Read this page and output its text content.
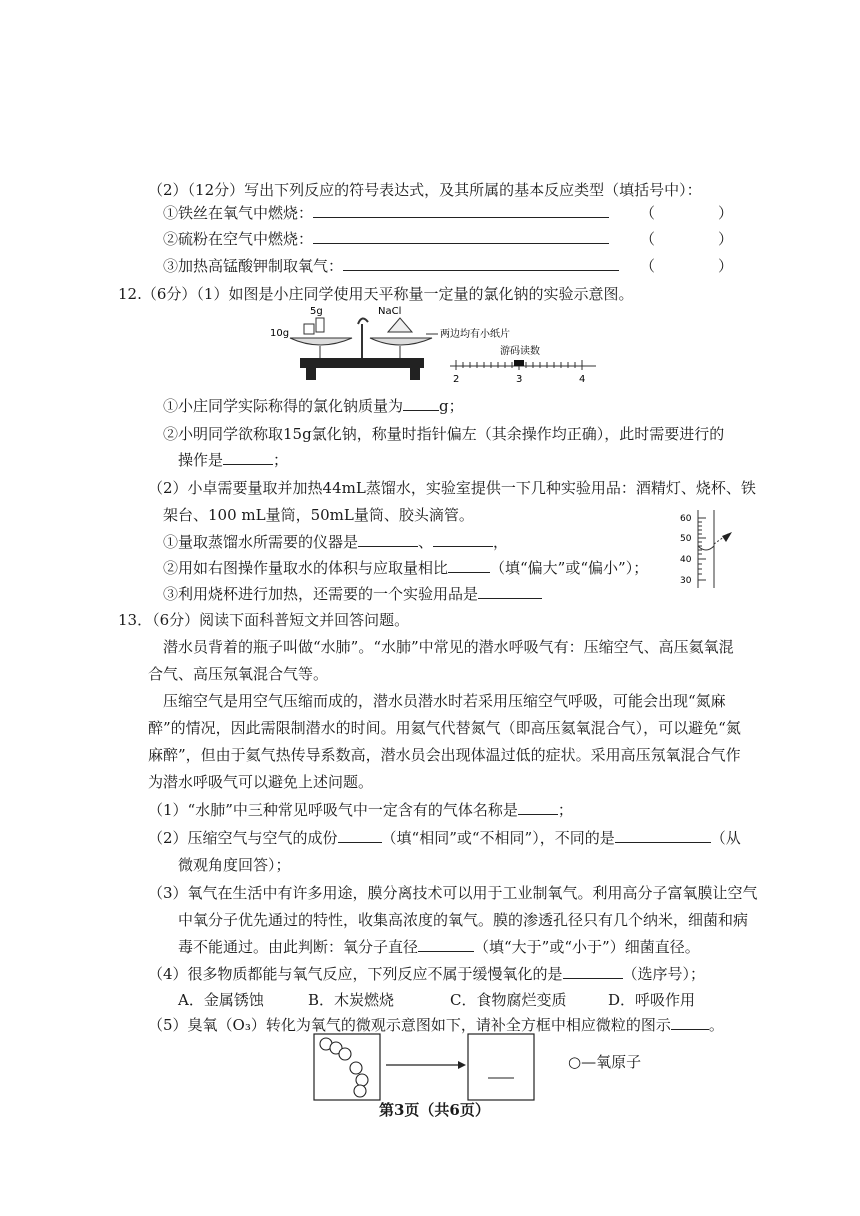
（2）（12分）写出下列反应的符号表达式，及其所属的基本反应类型（填括号中）：
①铁丝在氧气中燃烧：	（	）
②硫粉在空气中燃烧：	（	）
③加热高锰酸钾制取氧气：	（	）
12.（6分）（1）如图是小庄同学使用天平称量一定量的氯化钠的实验示意图。
5g
10g
NaCl
两边均有小纸片
游码读数
2	3	4
①小庄同学实际称得的氯化钠质量为 g；
②小明同学欲称取15g氯化钠，称量时指针偏左（其余操作均正确），此时需要进行的
操作是	；
（2）小卓需要量取并加热44mL蒸馏水，实验室提供一下几种实验用品：酒精灯、烧杯、铁
架台、100 mL量筒，50mL量筒、胶头滴管。
①量取蒸馏水所需要的仪器是	、	，
②用如右图操作量取水的体积与应取量相比	（填“偏大”或“偏小”）；
③利用烧杯进行加热，还需要的一个实验用品是
60
50
40
30
13．（6分）阅读下面科普短文并回答问题。
潜水员背着的瓶子叫做“水肺”。“水肺”中常见的潜水呼吸气有：压缩空气、高压氦氧混
合气、高压氖氧混合气等。
压缩空气是用空气压缩而成的，潜水员潜水时若采用压缩空气呼吸，可能会出现“氮麻
醉”的情况，因此需限制潜水的时间。用氦气代替氮气（即高压氦氧混合气），可以避免“氮
麻醉”，但由于氦气热传导系数高，潜水员会出现体温过低的症状。采用高压氖氧混合气作
为潜水呼吸气可以避免上述问题。
（1）“水肺”中三种常见呼吸气中一定含有的气体名称是	；
（2）压缩空气与空气的成份	（填“相同”或“不相同”），不同的是	（从
微观角度回答）；
（3）氧气在生活中有许多用途，膜分离技术可以用于工业制氧气。利用高分子富氧膜让空气
中氧分子优先通过的特性，收集高浓度的氧气。膜的渗透孔径只有几个纳米，细菌和病
毒不能通过。由此判断：氧分子直径	（填“大于”或“小于”）细菌直径。
（4）很多物质都能与氧气反应，下列反应不属于缓慢氧化的是	（选序号）；
A．金属锈蚀	B．木炭燃烧	C．食物腐烂变质	D．呼吸作用
（5）臭氧（O₃）转化为氧气的微观示意图如下，请补全方框中相应微粒的图示	。
○—氧原子
第3页（共6页）
